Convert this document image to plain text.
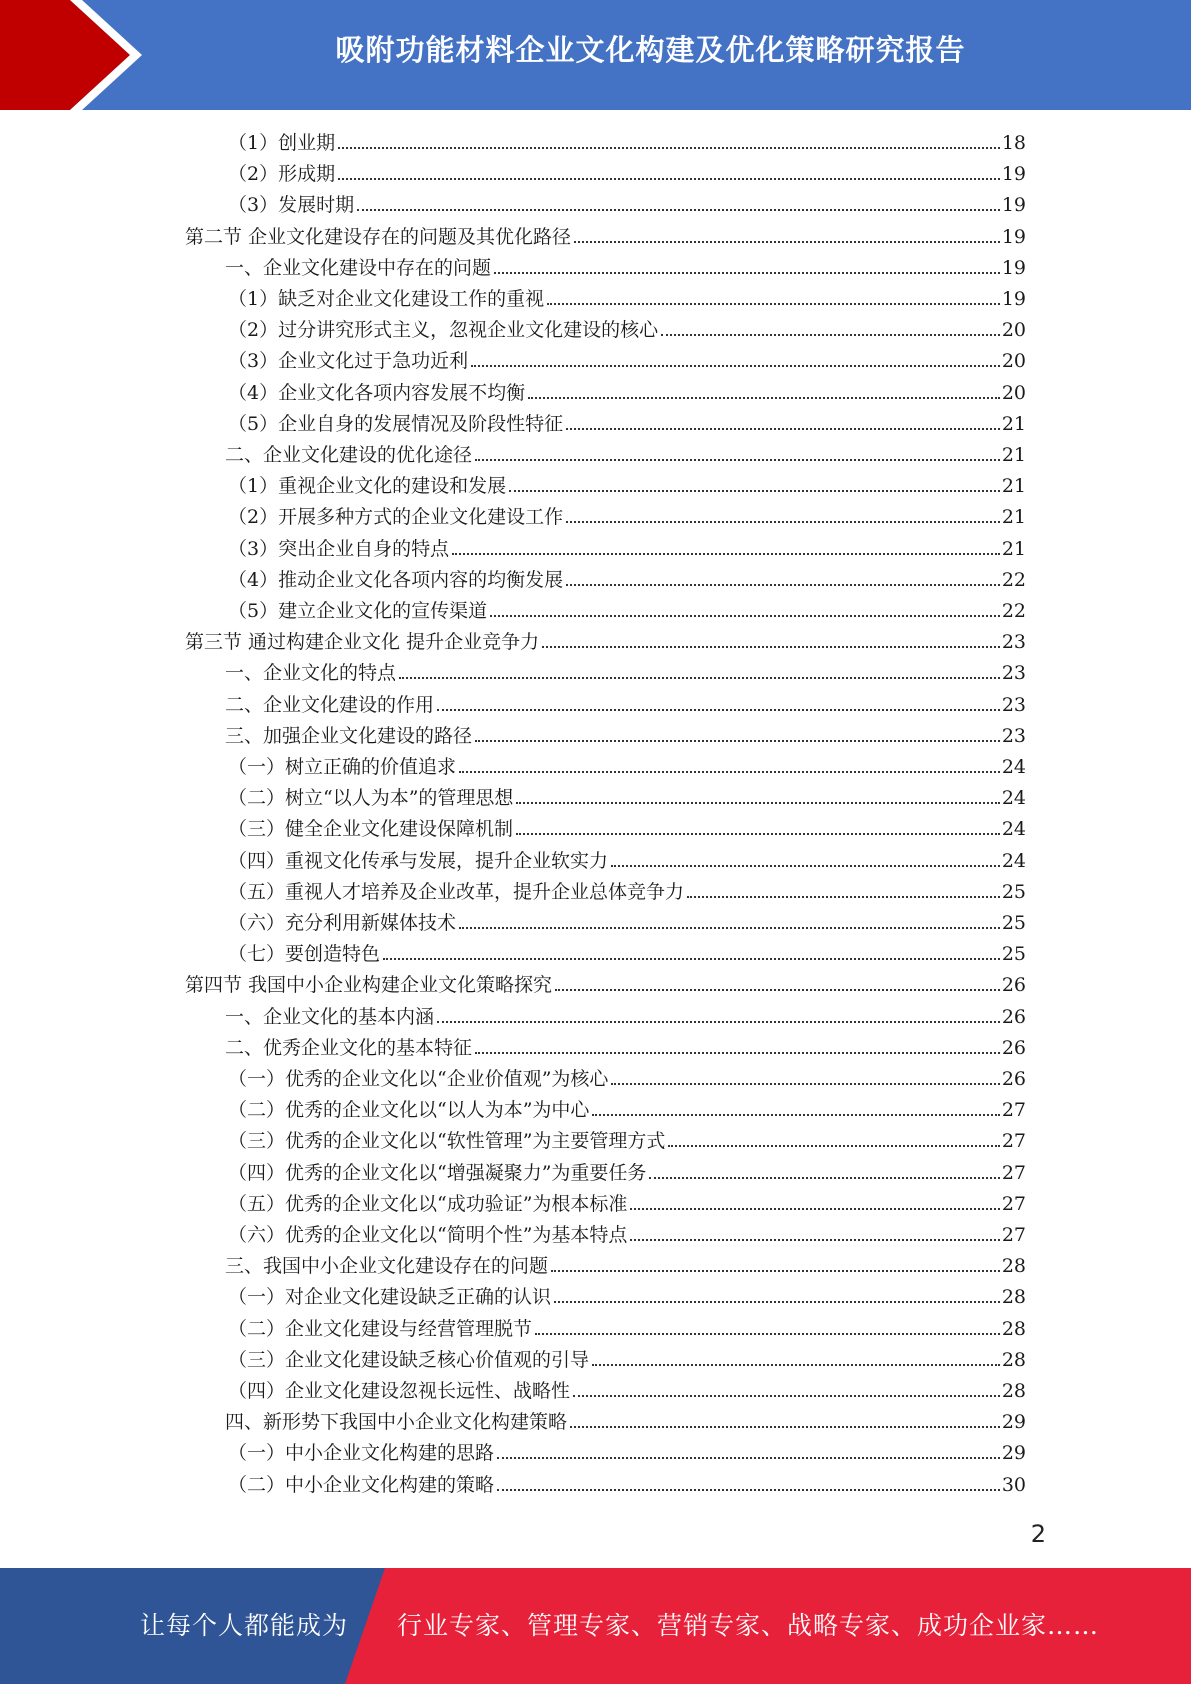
吸附功能材料企业文化构建及优化策略研究报告
（1）创业期	18
（2）形成期	19
（3）发展时期	19
第二节 企业文化建设存在的问题及其优化路径	19
一、企业文化建设中存在的问题	19
（1）缺乏对企业文化建设工作的重视	19
（2）过分讲究形式主义，忽视企业文化建设的核心	20
（3）企业文化过于急功近利	20
（4）企业文化各项内容发展不均衡	20
（5）企业自身的发展情况及阶段性特征	21
二、企业文化建设的优化途径	21
（1）重视企业文化的建设和发展	21
（2）开展多种方式的企业文化建设工作	21
（3）突出企业自身的特点	21
（4）推动企业文化各项内容的均衡发展	22
（5）建立企业文化的宣传渠道	22
第三节 通过构建企业文化 提升企业竞争力	23
一、企业文化的特点	23
二、企业文化建设的作用	23
三、加强企业文化建设的路径	23
（一）树立正确的价值追求	24
（二）树立“以人为本”的管理思想	24
（三）健全企业文化建设保障机制	24
（四）重视文化传承与发展，提升企业软实力	24
（五）重视人才培养及企业改革，提升企业总体竞争力	25
（六）充分利用新媒体技术	25
（七）要创造特色	25
第四节 我国中小企业构建企业文化策略探究	26
一、企业文化的基本内涵	26
二、优秀企业文化的基本特征	26
（一）优秀的企业文化以“企业价值观”为核心	26
（二）优秀的企业文化以“以人为本”为中心	27
（三）优秀的企业文化以“软性管理”为主要管理方式	27
（四）优秀的企业文化以“增强凝聚力”为重要任务	27
（五）优秀的企业文化以“成功验证”为根本标准	27
（六）优秀的企业文化以“简明个性”为基本特点	27
三、我国中小企业文化建设存在的问题	28
（一）对企业文化建设缺乏正确的认识	28
（二）企业文化建设与经营管理脱节	28
（三）企业文化建设缺乏核心价值观的引导	28
（四）企业文化建设忽视长远性、战略性	28
四、新形势下我国中小企业文化构建策略	29
（一）中小企业文化构建的思路	29
（二）中小企业文化构建的策略	30
2
让每个人都能成为 行业专家、管理专家、营销专家、战略专家、成功企业家……
